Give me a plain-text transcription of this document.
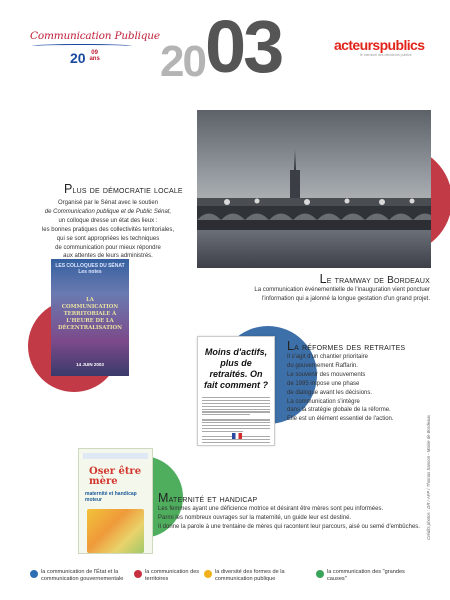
Communication Publique
20 09
ans 2003	acteurspublics
le mensuel des décideurs publics
Le tramway de Bordeaux
La communication événementielle de l'inauguration vient ponctuer
l'information qui a jalonné la longue gestation d'un grand projet.
Plus de démocratie locale
Organisé par le Sénat avec le soutien
de Communication publique et de Public Sénat,
un colloque dresse un état des lieux :
les bonnes pratiques des collectivités territoriales,
qui se sont appropriées les techniques
de communication pour mieux répondre
aux attentes de leurs administrés.
LES COLLOQUES DU SÉNAT
Les notes
LA COMMUNICATION TERRITORIALE À L'HEURE DE LA DÉCENTRALISATION
14 JUIN 2003
Moins d'actifs, plus de retraités. On fait comment ?
La réformes des retraites
Il s'agit d'un chantier prioritaire
du gouvernement Raffarin.
Le souvenir des mouvements
de 1995 impose une phase
de dialogue avant les décisions.
La communication s'intègre
dans la stratégie globale de la réforme.
Elle est un élément essentiel de l'action.	Crédits photos : DR / AFP / Thomas Sanson - Mairie de Bordeaux
Oser être mère
maternité et handicap moteur	Maternité et handicap
Les femmes ayant une déficience motrice et désirant être mères sont peu informées.
Parmi les nombreux ouvrages sur la maternité, un guide leur est destiné.
Il donne la parole à une trentaine de mères qui racontent leur parcours, aisé ou semé d'embûches.
la communication de l'État et la communication gouvernementale
la communication des territoires
la diversité des formes de la communication publique
la communication des "grandes causes"
